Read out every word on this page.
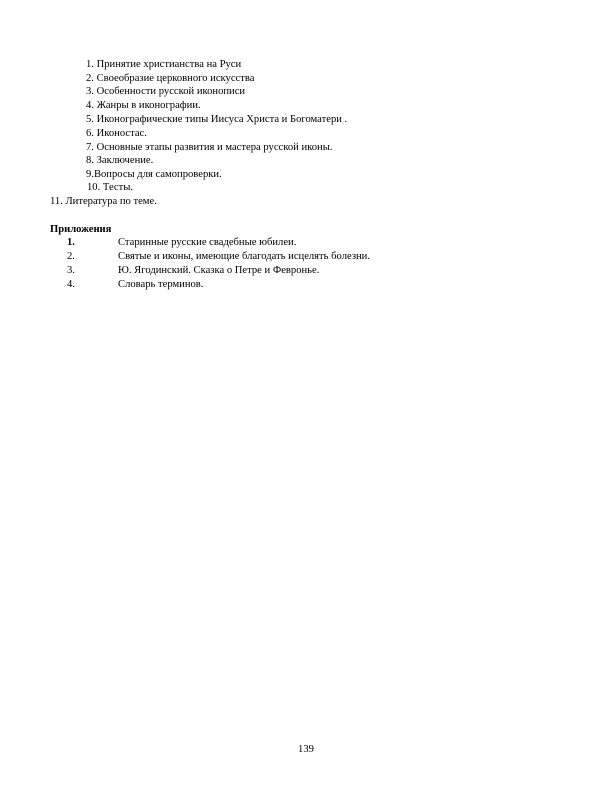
1. Принятие христианства на Руси
2. Своеобразие церковного искусства
3. Особенности русской иконописи
4. Жанры в иконографии.
5. Иконографические типы Иисуса Христа и Богоматери .
6. Иконостас.
7. Основные этапы развития и мастера русской иконы.
8. Заключение.
9.Вопросы для самопроверки.
10. Тесты.
11. Литература по теме.
Приложения
1.	Старинные русские свадебные юбилеи.
2.	Святые и иконы, имеющие благодать исцелять болезни.
3.	Ю. Ягодинский. Сказка о Петре и Февронье.
4.	Словарь терминов.
139
